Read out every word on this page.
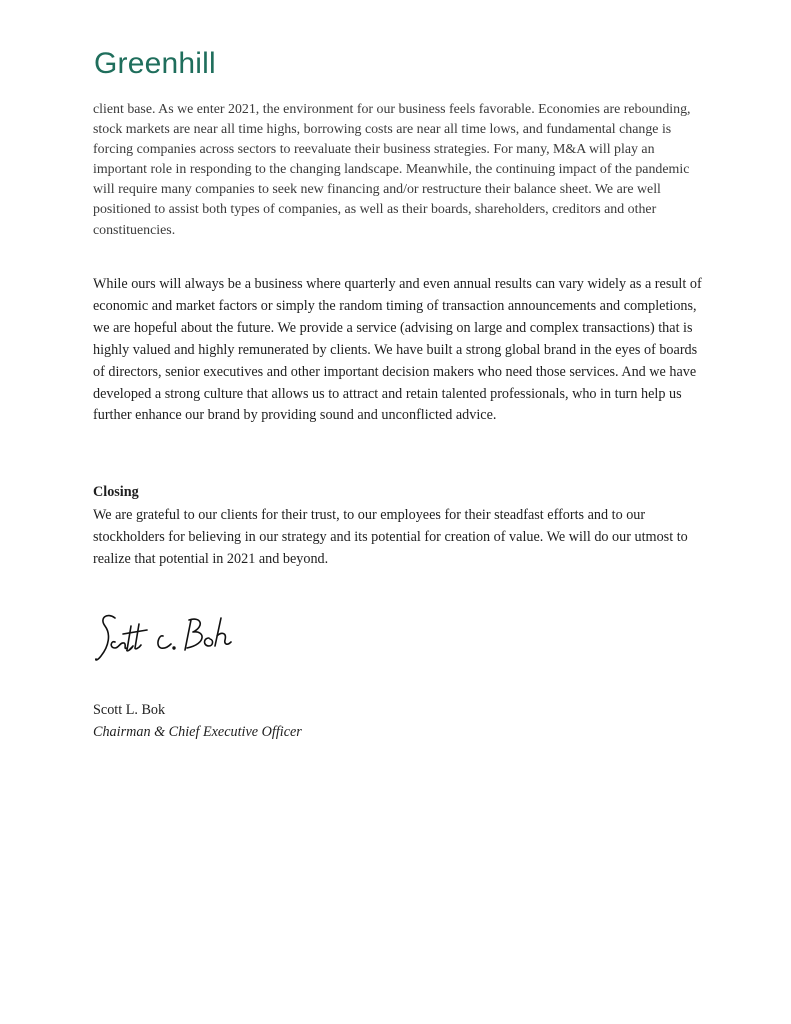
Greenhill

client base. As we enter 2021, the environment for our business feels favorable. Economies are rebounding, stock markets are near all time highs, borrowing costs are near all time lows, and fundamental change is forcing companies across sectors to reevaluate their business strategies. For many, M&A will play an important role in responding to the changing landscape. Meanwhile, the continuing impact of the pandemic will require many companies to seek new financing and/or restructure their balance sheet. We are well positioned to assist both types of companies, as well as their boards, shareholders, creditors and other constituencies.

While ours will always be a business where quarterly and even annual results can vary widely as a result of economic and market factors or simply the random timing of transaction announcements and completions, we are hopeful about the future. We provide a service (advising on large and complex transactions) that is highly valued and highly remunerated by clients. We have built a strong global brand in the eyes of boards of directors, senior executives and other important decision makers who need those services. And we have developed a strong culture that allows us to attract and retain talented professionals, who in turn help us further enhance our brand by providing sound and unconflicted advice.

Closing

We are grateful to our clients for their trust, to our employees for their steadfast efforts and to our stockholders for believing in our strategy and its potential for creation of value. We will do our utmost to realize that potential in 2021 and beyond.

Scott L. Bok

Chairman & Chief Executive Officer
